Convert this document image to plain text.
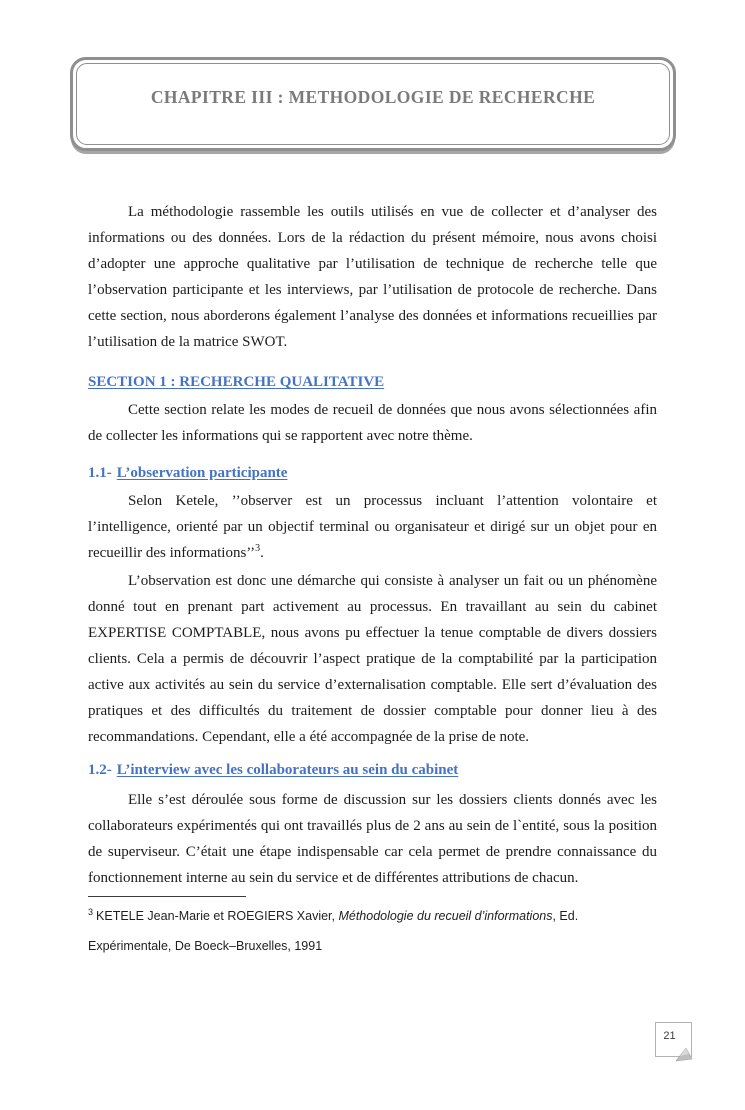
CHAPITRE III : METHODOLOGIE DE RECHERCHE

La méthodologie rassemble les outils utilisés en vue de collecter et d’analyser des informations ou des données. Lors de la rédaction du présent mémoire, nous avons choisi d’adopter une approche qualitative par l’utilisation de technique de recherche telle que l’observation participante et les interviews, par l’utilisation de protocole de recherche. Dans cette section, nous aborderons également l’analyse des données et informations recueillies par l’utilisation de la matrice SWOT.

SECTION 1 : RECHERCHE QUALITATIVE

Cette section relate les modes de recueil de données que nous avons sélectionnées afin de collecter les informations qui se rapportent avec notre thème.

1.1- L’observation participante

Selon Ketele, ’’observer est un processus incluant l’attention volontaire et l’intelligence, orienté par un objectif terminal ou organisateur et dirigé sur un objet pour en recueillir des informations’’$^3$.

L’observation est donc une démarche qui consiste à analyser un fait ou un phénomène donné tout en prenant part activement au processus. En travaillant au sein du cabinet EXPERTISE COMPTABLE, nous avons pu effectuer la tenue comptable de divers dossiers clients. Cela a permis de découvrir l’aspect pratique de la comptabilité par la participation active aux activités au sein du service d’externalisation comptable. Elle sert d’évaluation des pratiques et des difficultés du traitement de dossier comptable pour donner lieu à des recommandations. Cependant, elle a été accompagnée de la prise de note.

1.2- L’interview avec les collaborateurs au sein du cabinet

Elle s’est déroulée sous forme de discussion sur les dossiers clients donnés avec les collaborateurs expérimentés qui ont travaillés plus de 2 ans au sein de l`entité, sous la position de superviseur. C’était une étape indispensable car cela permet de prendre connaissance du fonctionnement interne au sein du service et de différentes attributions de chacun.

$^3$ KETELE Jean-Marie et ROEGIERS Xavier, Méthodologie du recueil d’informations, Ed. Expérimentale, De Boeck–Bruxelles, 1991

21
